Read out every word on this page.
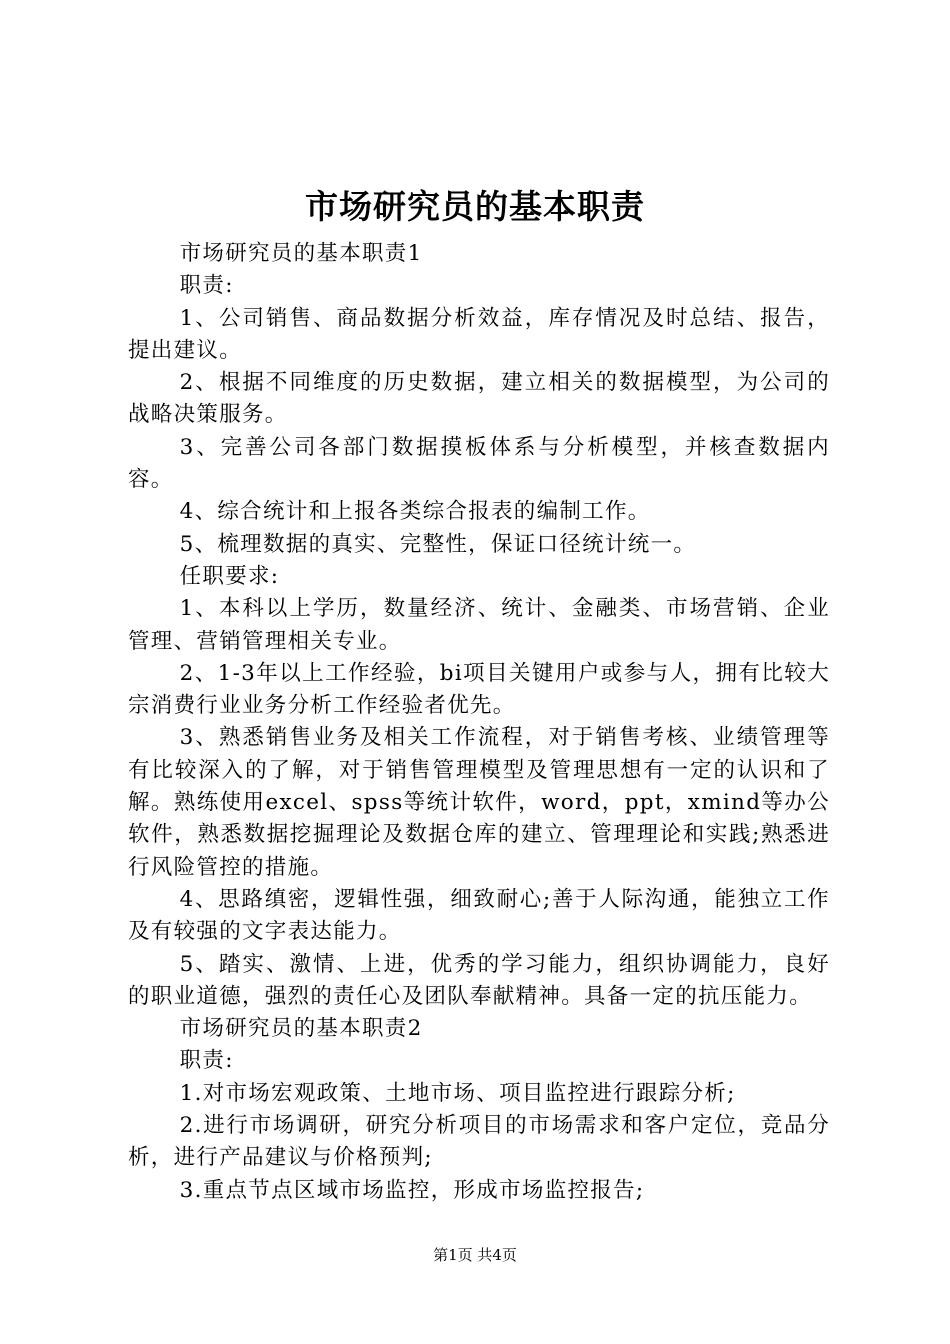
市场研究员的基本职责

市场研究员的基本职责1

职责:

1、公司销售、商品数据分析效益，库存情况及时总结、报告，提出建议。

2、根据不同维度的历史数据，建立相关的数据模型，为公司的战略决策服务。

3、完善公司各部门数据摸板体系与分析模型，并核查数据内容。

4、综合统计和上报各类综合报表的编制工作。

5、梳理数据的真实、完整性，保证口径统计统一。

任职要求:

1、本科以上学历，数量经济、统计、金融类、市场营销、企业管理、营销管理相关专业。

2、1-3年以上工作经验，bi项目关键用户或参与人，拥有比较大宗消费行业业务分析工作经验者优先。

3、熟悉销售业务及相关工作流程，对于销售考核、业绩管理等有比较深入的了解，对于销售管理模型及管理思想有一定的认识和了解。熟练使用excel、spss等统计软件，word，ppt，xmind等办公软件，熟悉数据挖掘理论及数据仓库的建立、管理理论和实践;熟悉进行风险管控的措施。

4、思路缜密，逻辑性强，细致耐心;善于人际沟通，能独立工作及有较强的文字表达能力。

5、踏实、激情、上进，优秀的学习能力，组织协调能力，良好的职业道德，强烈的责任心及团队奉献精神。具备一定的抗压能力。

市场研究员的基本职责2

职责:

1.对市场宏观政策、土地市场、项目监控进行跟踪分析;

2.进行市场调研，研究分析项目的市场需求和客户定位，竞品分析，进行产品建议与价格预判;

3.重点节点区域市场监控，形成市场监控报告;

第1页 共4页
